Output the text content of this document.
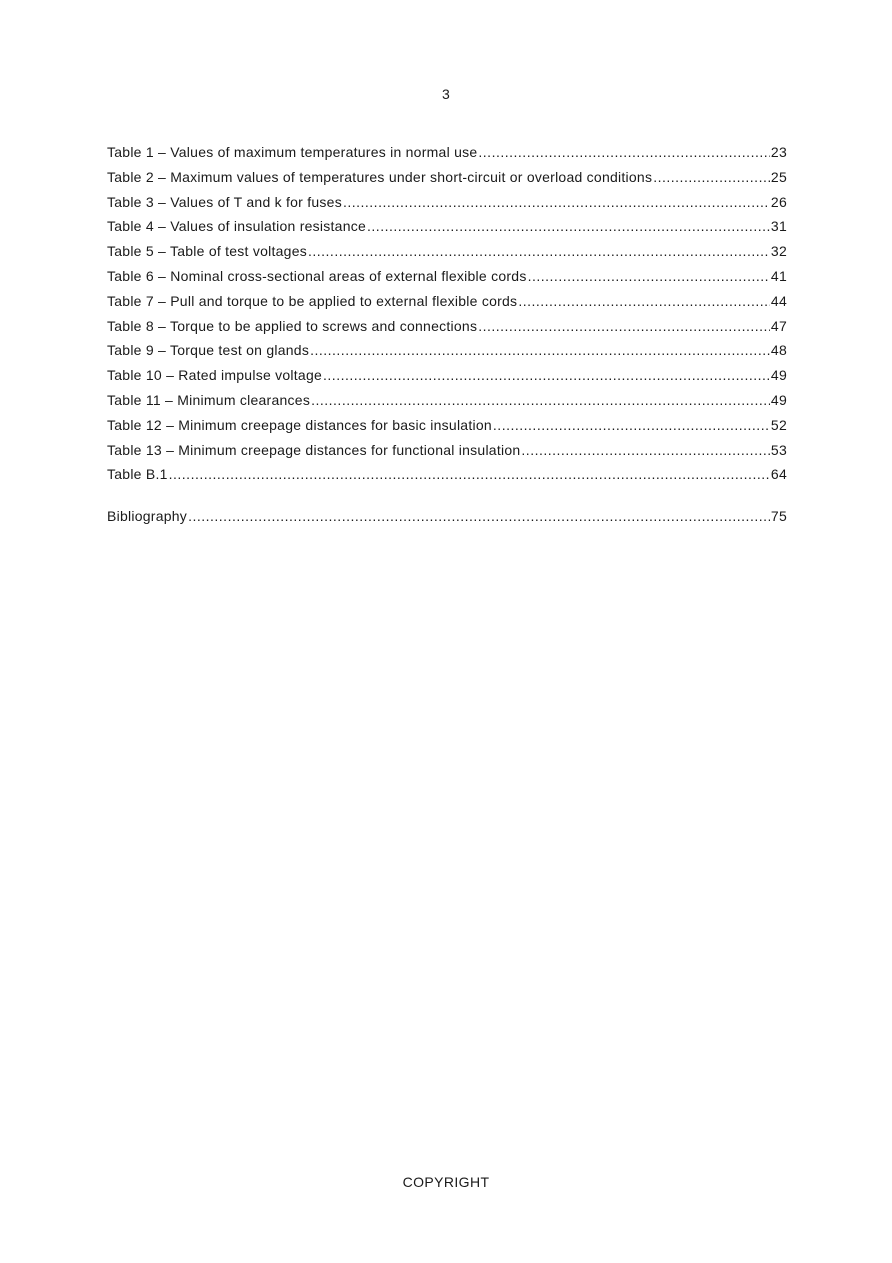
3
Table 1 – Values of maximum temperatures in normal use .....	23
Table 2 – Maximum values of temperatures under short-circuit or overload conditions .....	25
Table 3 – Values of T and k for fuses .....	26
Table 4 – Values of insulation resistance .....	31
Table 5 – Table of test voltages .....	32
Table 6 – Nominal cross-sectional areas of external flexible cords .....	41
Table 7 – Pull and torque to be applied to external flexible cords .....	44
Table 8 – Torque to be applied to screws and connections .....	47
Table 9 – Torque test on glands .....	48
Table 10 – Rated impulse voltage .....	49
Table 11 – Minimum clearances .....	49
Table 12 – Minimum creepage distances for basic insulation .....	52
Table 13 – Minimum creepage distances for functional insulation .....	53
Table B.1 .....	64
Bibliography .....	75
COPYRIGHT
